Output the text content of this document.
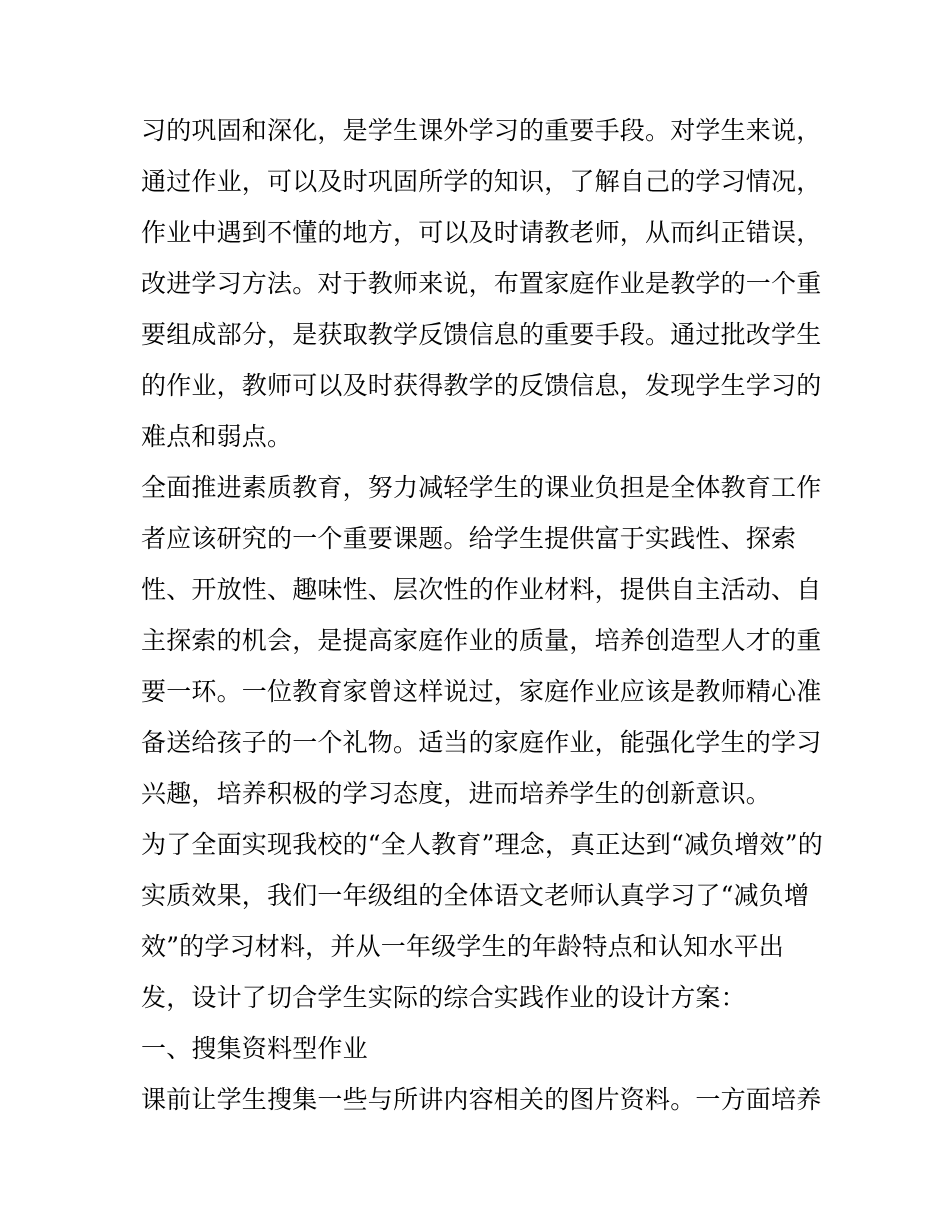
习的巩固和深化，是学生课外学习的重要手段。对学生来说，
通过作业，可以及时巩固所学的知识，了解自己的学习情况，
作业中遇到不懂的地方，可以及时请教老师，从而纠正错误，
改进学习方法。对于教师来说，布置家庭作业是教学的一个重
要组成部分，是获取教学反馈信息的重要手段。通过批改学生
的作业，教师可以及时获得教学的反馈信息，发现学生学习的
难点和弱点。
全面推进素质教育，努力减轻学生的课业负担是全体教育工作
者应该研究的一个重要课题。给学生提供富于实践性、探索
性、开放性、趣味性、层次性的作业材料，提供自主活动、自
主探索的机会，是提高家庭作业的质量，培养创造型人才的重
要一环。一位教育家曾这样说过，家庭作业应该是教师精心准
备送给孩子的一个礼物。适当的家庭作业，能强化学生的学习
兴趣，培养积极的学习态度，进而培养学生的创新意识。
为了全面实现我校的“全人教育”理念，真正达到“减负增效”的
实质效果，我们一年级组的全体语文老师认真学习了“减负增
效”的学习材料，并从一年级学生的年龄特点和认知水平出
发，设计了切合学生实际的综合实践作业的设计方案：
一、搜集资料型作业
课前让学生搜集一些与所讲内容相关的图片资料。一方面培养
